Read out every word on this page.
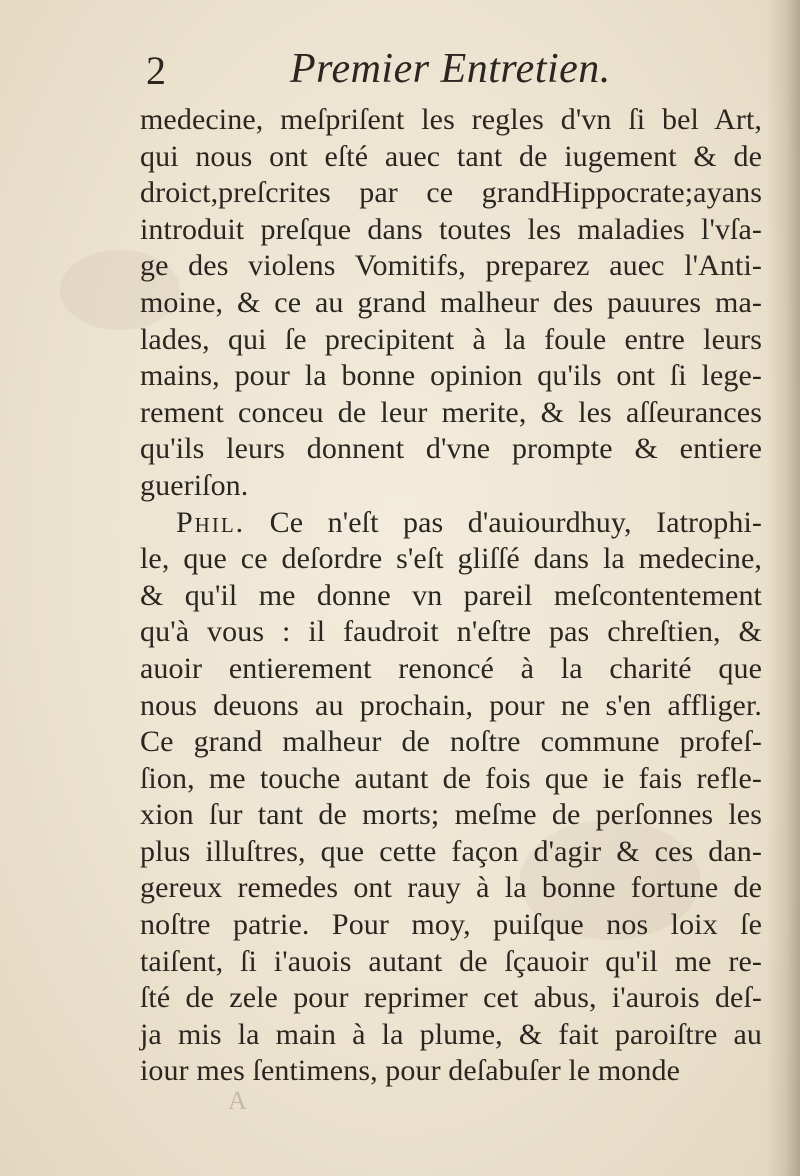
2	Premier Entretien.
medecine, meſpriſent les regles d'vn ſi bel Art,
qui nous ont eſté auec tant de iugement & de
droict,preſcrites par ce grandHippocrate;ayans
introduit preſque dans toutes les maladies l'vſa-
ge des violens Vomitifs, preparez auec l'Anti-
moine, & ce au grand malheur des pauures ma-
lades, qui ſe precipitent à la foule entre leurs
mains, pour la bonne opinion qu'ils ont ſi lege-
rement conceu de leur merite, & les aſſeurances
qu'ils leurs donnent d'vne prompte & entiere
gueriſon.
Phil. Ce n'eſt pas d'auiourdhuy, Iatrophi-
le, que ce deſordre s'eſt gliſſé dans la medecine,
& qu'il me donne vn pareil meſcontentement
qu'à vous : il faudroit n'eſtre pas chreſtien, &
auoir entierement renoncé à la charité que
nous deuons au prochain, pour ne s'en affliger.
Ce grand malheur de noſtre commune profeſ-
ſion, me touche autant de fois que ie fais refle-
xion ſur tant de morts; meſme de perſonnes les
plus illuſtres, que cette façon d'agir & ces dan-
gereux remedes ont rauy à la bonne fortune de
noſtre patrie. Pour moy, puiſque nos loix ſe
taiſent, ſi i'auois autant de ſçauoir qu'il me re-
ſté de zele pour reprimer cet abus, i'aurois deſ-
ja mis la main à la plume, & fait paroiſtre au
iour mes ſentimens, pour deſabuſer le monde
A
